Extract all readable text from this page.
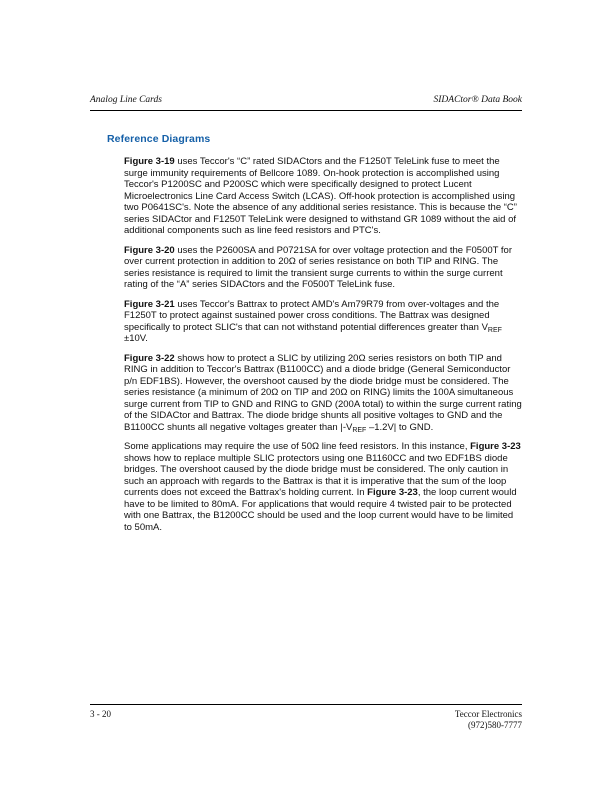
Analog Line Cards	SIDACtor® Data Book
Reference Diagrams

Figure 3-19 uses Teccor's “C” rated SIDACtors and the F1250T TeleLink fuse to meet the surge immunity requirements of Bellcore 1089. On-hook protection is accomplished using Teccor's P1200SC and P200SC which were specifically designed to protect Lucent Microelectronics Line Card Access Switch (LCAS). Off-hook protection is accomplished using two P0641SC's. Note the absence of any additional series resistance. This is because the “C” series SIDACtor and F1250T TeleLink were designed to withstand GR 1089 without the aid of additional components such as line feed resistors and PTC's.

Figure 3-20 uses the P2600SA and P0721SA for over voltage protection and the F0500T for over current protection in addition to 20Ω of series resistance on both TIP and RING. The series resistance is required to limit the transient surge currents to within the surge current rating of the “A” series SIDACtors and the F0500T TeleLink fuse.

Figure 3-21 uses Teccor's Battrax to protect AMD's Am79R79 from over-voltages and the F1250T to protect against sustained power cross conditions. The Battrax was designed specifically to protect SLIC's that can not withstand potential differences greater than $V_{REF} \pm 10V$.

Figure 3-22 shows how to protect a SLIC by utilizing 20Ω series resistors on both TIP and RING in addition to Teccor's Battrax (B1100CC) and a diode bridge (General Semiconductor p/n EDF1BS). However, the overshoot caused by the diode bridge must be considered. The series resistance (a minimum of 20Ω on TIP and 20Ω on RING) limits the 100A simultaneous surge current from TIP to GND and RING to GND (200A total) to within the surge current rating of the SIDACtor and Battrax. The diode bridge shunts all positive voltages to GND and the B1100CC shunts all negative voltages greater than $|-V_{REF}$ –1.2V| to GND.

Some applications may require the use of 50Ω line feed resistors. In this instance, Figure 3-23 shows how to replace multiple SLIC protectors using one B1160CC and two EDF1BS diode bridges. The overshoot caused by the diode bridge must be considered. The only caution in such an approach with regards to the Battrax is that it is imperative that the sum of the loop currents does not exceed the Battrax's holding current. In Figure 3-23, the loop current would have to be limited to 80mA. For applications that would require 4 twisted pair to be protected with one Battrax, the B1200CC should be used and the loop current would have to be limited to 50mA.

3 - 20	Teccor Electronics
(972)580-7777
